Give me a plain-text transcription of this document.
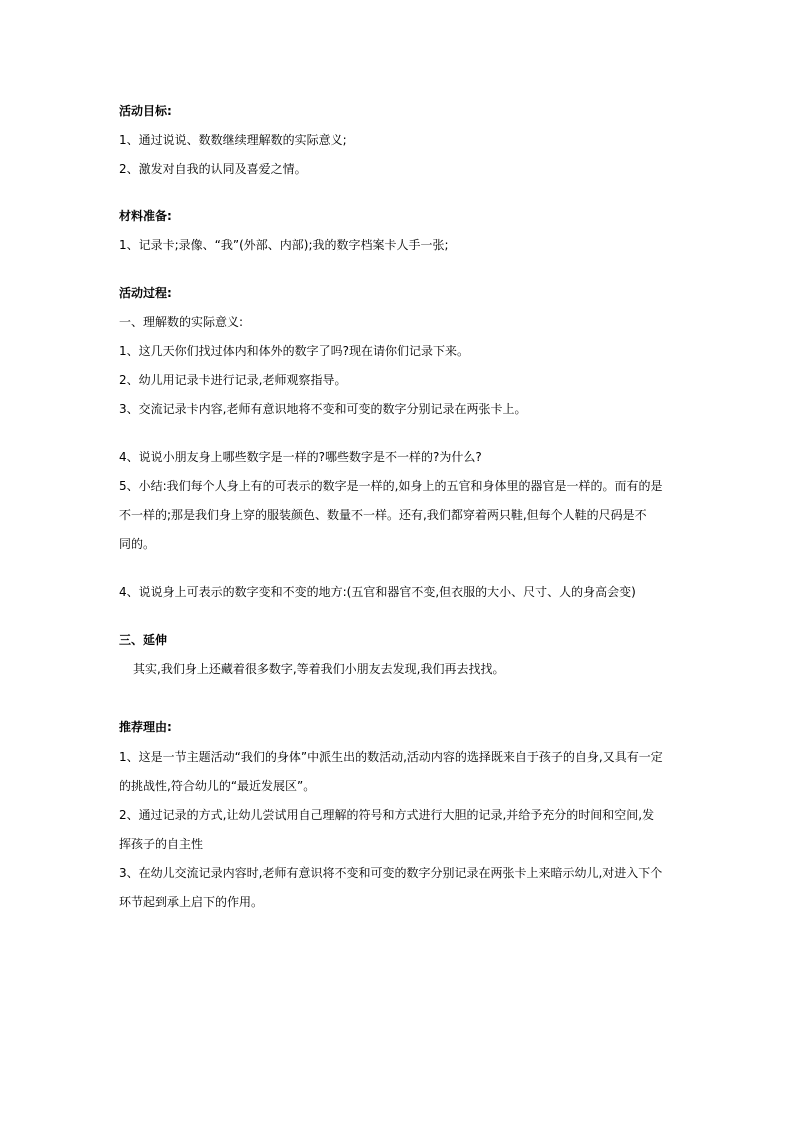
活动目标:
1、通过说说、数数继续理解数的实际意义;
2、激发对自我的认同及喜爱之情。
材料准备:
1、记录卡;录像、“我”(外部、内部);我的数字档案卡人手一张;
活动过程:
一、理解数的实际意义:
1、这几天你们找过体内和体外的数字了吗?现在请你们记录下来。
2、幼儿用记录卡进行记录,老师观察指导。
3、交流记录卡内容,老师有意识地将不变和可变的数字分别记录在两张卡上。
4、说说小朋友身上哪些数字是一样的?哪些数字是不一样的?为什么?
5、小结:我们每个人身上有的可表示的数字是一样的,如身上的五官和身体里的器官是一样的。而有的是
不一样的;那是我们身上穿的服装颜色、数量不一样。还有,我们都穿着两只鞋,但每个人鞋的尺码是不
同的。
4、说说身上可表示的数字变和不变的地方:(五官和器官不变,但衣服的大小、尺寸、人的身高会变)
三、延伸
其实,我们身上还藏着很多数字,等着我们小朋友去发现,我们再去找找。
推荐理由:
1、这是一节主题活动“我们的身体”中派生出的数活动,活动内容的选择既来自于孩子的自身,又具有一定
的挑战性,符合幼儿的“最近发展区”。
2、通过记录的方式,让幼儿尝试用自己理解的符号和方式进行大胆的记录,并给予充分的时间和空间,发
挥孩子的自主性
3、在幼儿交流记录内容时,老师有意识将不变和可变的数字分别记录在两张卡上来暗示幼儿,对进入下个
环节起到承上启下的作用。
